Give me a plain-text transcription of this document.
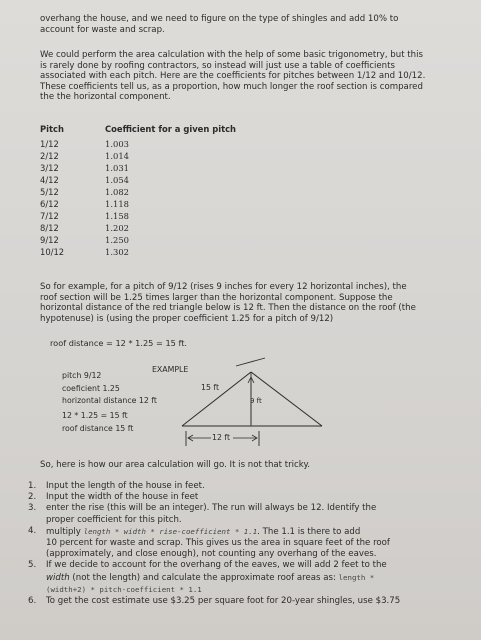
overhang the house, and we need to figure on the type of shingles and add 10% to
account for waste and scrap.
We could perform the area calculation with the help of some basic trigonometry, but this
is rarely done by roofing contractors, so instead will just use a table of coefficients
associated with each pitch. Here are the coefficients for pitches between 1/12 and 10/12.
These coefficients tell us, as a proportion, how much longer the roof section is compared
the the horizontal component.
Pitch	Coefficient for a given pitch
1/12	1.003
2/12	1.014
3/12	1.031
4/12	1.054
5/12	1.082
6/12	1.118
7/12	1.158
8/12	1.202
9/12	1.250
10/12	1.302
So for example, for a pitch of 9/12 (rises 9 inches for every 12 horizontal inches), the
roof section will be 1.25 times larger than the horizontal component. Suppose the
horizontal distance of the red triangle below is 12 ft. Then the distance on the roof (the
hypotenuse) is (using the proper coefficient 1.25 for a pitch of 9/12)
roof distance = 12 * 1.25 = 15 ft.
EXAMPLE
pitch 9/12
coeficient 1.25
horizontal distance 12 ft
12 * 1.25 = 15 ft
roof distance 15 ft
15 ft
9 ft
12 ft
So, here is how our area calculation will go. It is not that tricky.
1. Input the length of the house in feet.
2. Input the width of the house in feet
3. enter the rise (this will be an integer). The run will always be 12. Identify the
proper coefficient for this pitch.
4. multiply length * width * rise-coefficient * 1.1. The 1.1 is there to add
10 percent for waste and scrap. This gives us the area in square feet of the roof
(approximately, and close enough), not counting any overhang of the eaves.
5. If we decide to account for the overhang of the eaves, we will add 2 feet to the
width (not the length) and calculate the approximate roof areas as: length *
(width+2) * pitch-coefficient * 1.1
6. To get the cost estimate use $3.25 per square foot for 20-year shingles, use $3.75
